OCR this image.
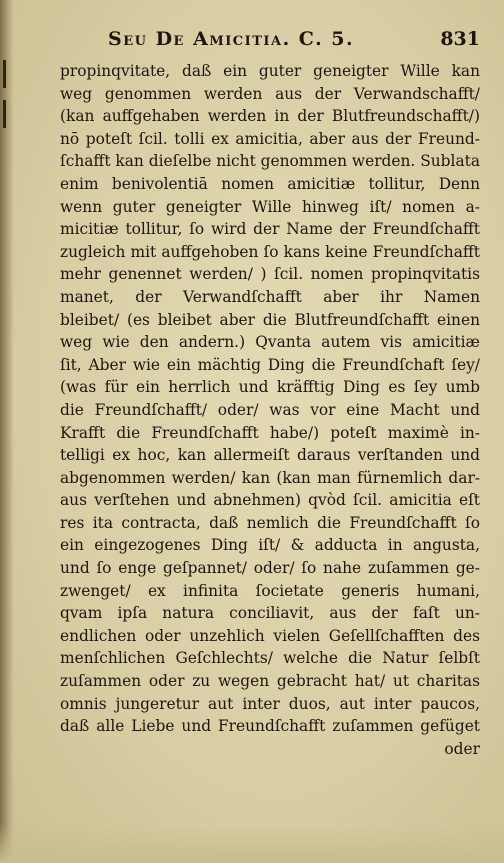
Seu De Amicitia. C. 5.	831
propinqvitate, daß ein guter geneigter Wille kan
weg genommen werden aus der Verwandschafft/
(kan auffgehaben werden in der Blutfreundschafft/)
nō poteſt ſcil. tolli ex amicitia, aber aus der Freund-
ſchafft kan dieſelbe nicht genommen werden. Sublata
enim benivolentiā nomen amicitiæ tollitur, Denn
wenn guter geneigter Wille hinweg iſt/ nomen a-
micitiæ tollitur, ſo wird der Name der Freundſchafft
zugleich mit auffgehoben ſo kans keine Freundſchafft
mehr genennet werden/ ) ſcil. nomen propinqvitatis
manet, der Verwandſchafft aber ihr Namen
bleibet/ (es bleibet aber die Blutfreundſchafft einen
weg wie den andern.) Qvanta autem vis amicitiæ
ſit, Aber wie ein mächtig Ding die Freundſchaft ſey/
(was für ein herrlich und kräfftig Ding es ſey umb
die Freundſchafft/ oder/ was vor eine Macht und
Krafft die Freundſchafft habe/) poteſt maximè in-
telligi ex hoc, kan allermeiſt daraus verſtanden und
abgenommen werden/ kan (kan man fürnemlich dar-
aus verſtehen und abnehmen) qvòd ſcil. amicitia eſt
res ita contracta, daß nemlich die Freundſchafft ſo
ein eingezogenes Ding iſt/ & adducta in angusta,
und ſo enge geſpannet/ oder/ ſo nahe zuſammen ge-
zwenget/ ex infinita ſocietate generis humani,
qvam ipſa natura conciliavit, aus der faſt un-
endlichen oder unzehlich vielen Geſellſchafften des
menſchlichen Geſchlechts/ welche die Natur ſelbſt
zuſammen oder zu wegen gebracht hat/ ut charitas
omnis jungeretur aut inter duos, aut inter paucos,
daß alle Liebe und Freundſchafft zuſammen gefüget
oder
